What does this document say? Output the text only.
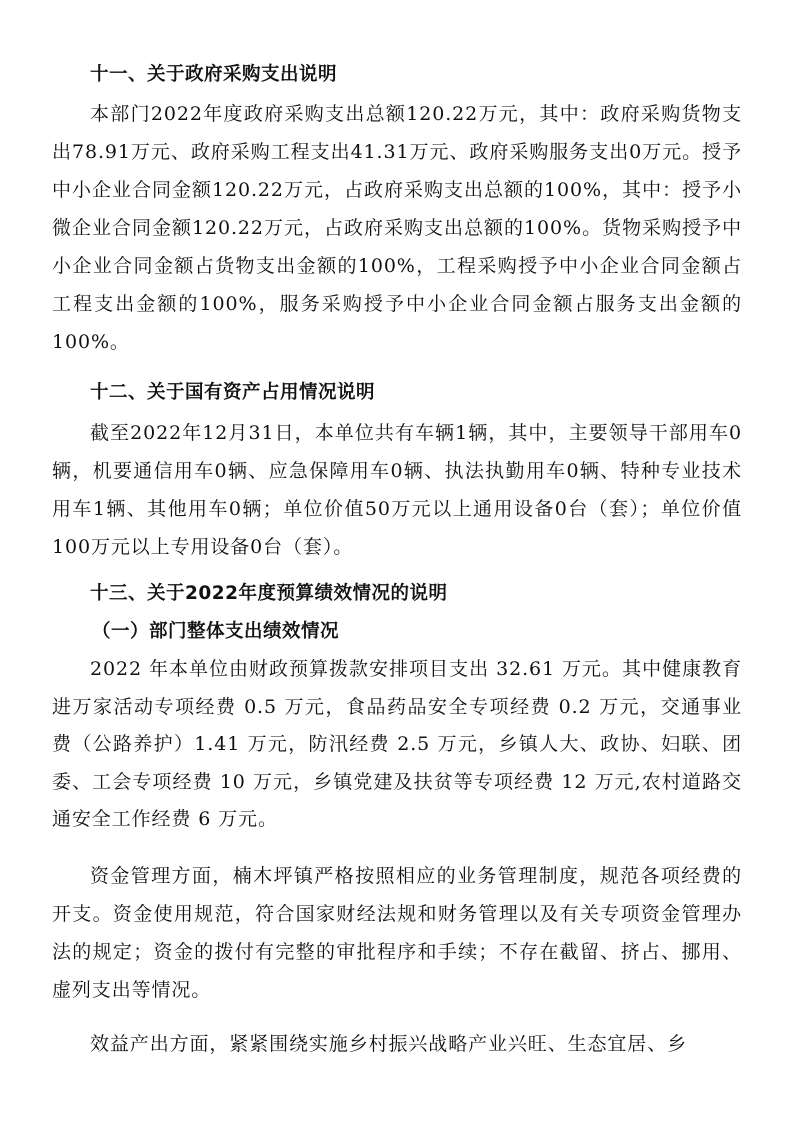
十一、关于政府采购支出说明

本部门2022年度政府采购支出总额120.22万元，其中：政府采购货物支出78.91万元、政府采购工程支出41.31万元、政府采购服务支出0万元。授予中小企业合同金额120.22万元，占政府采购支出总额的100%，其中：授予小微企业合同金额120.22万元，占政府采购支出总额的100%。货物采购授予中小企业合同金额占货物支出金额的100%，工程采购授予中小企业合同金额占工程支出金额的100%，服务采购授予中小企业合同金额占服务支出金额的100%。

十二、关于国有资产占用情况说明

截至2022年12月31日，本单位共有车辆1辆，其中，主要领导干部用车0辆，机要通信用车0辆、应急保障用车0辆、执法执勤用车0辆、特种专业技术用车1辆、其他用车0辆；单位价值50万元以上通用设备0台（套）；单位价值100万元以上专用设备0台（套）。

十三、关于2022年度预算绩效情况的说明
（一）部门整体支出绩效情况

2022 年本单位由财政预算拨款安排项目支出 32.61 万元。其中健康教育进万家活动专项经费 0.5 万元，食品药品安全专项经费 0.2 万元，交通事业费（公路养护）1.41 万元，防汛经费 2.5 万元，乡镇人大、政协、妇联、团委、工会专项经费 10 万元，乡镇党建及扶贫等专项经费 12 万元,农村道路交通安全工作经费 6 万元。

资金管理方面，楠木坪镇严格按照相应的业务管理制度，规范各项经费的开支。资金使用规范，符合国家财经法规和财务管理以及有关专项资金管理办法的规定；资金的拨付有完整的审批程序和手续；不存在截留、挤占、挪用、虚列支出等情况。

效益产出方面，紧紧围绕实施乡村振兴战略产业兴旺、生态宜居、乡
